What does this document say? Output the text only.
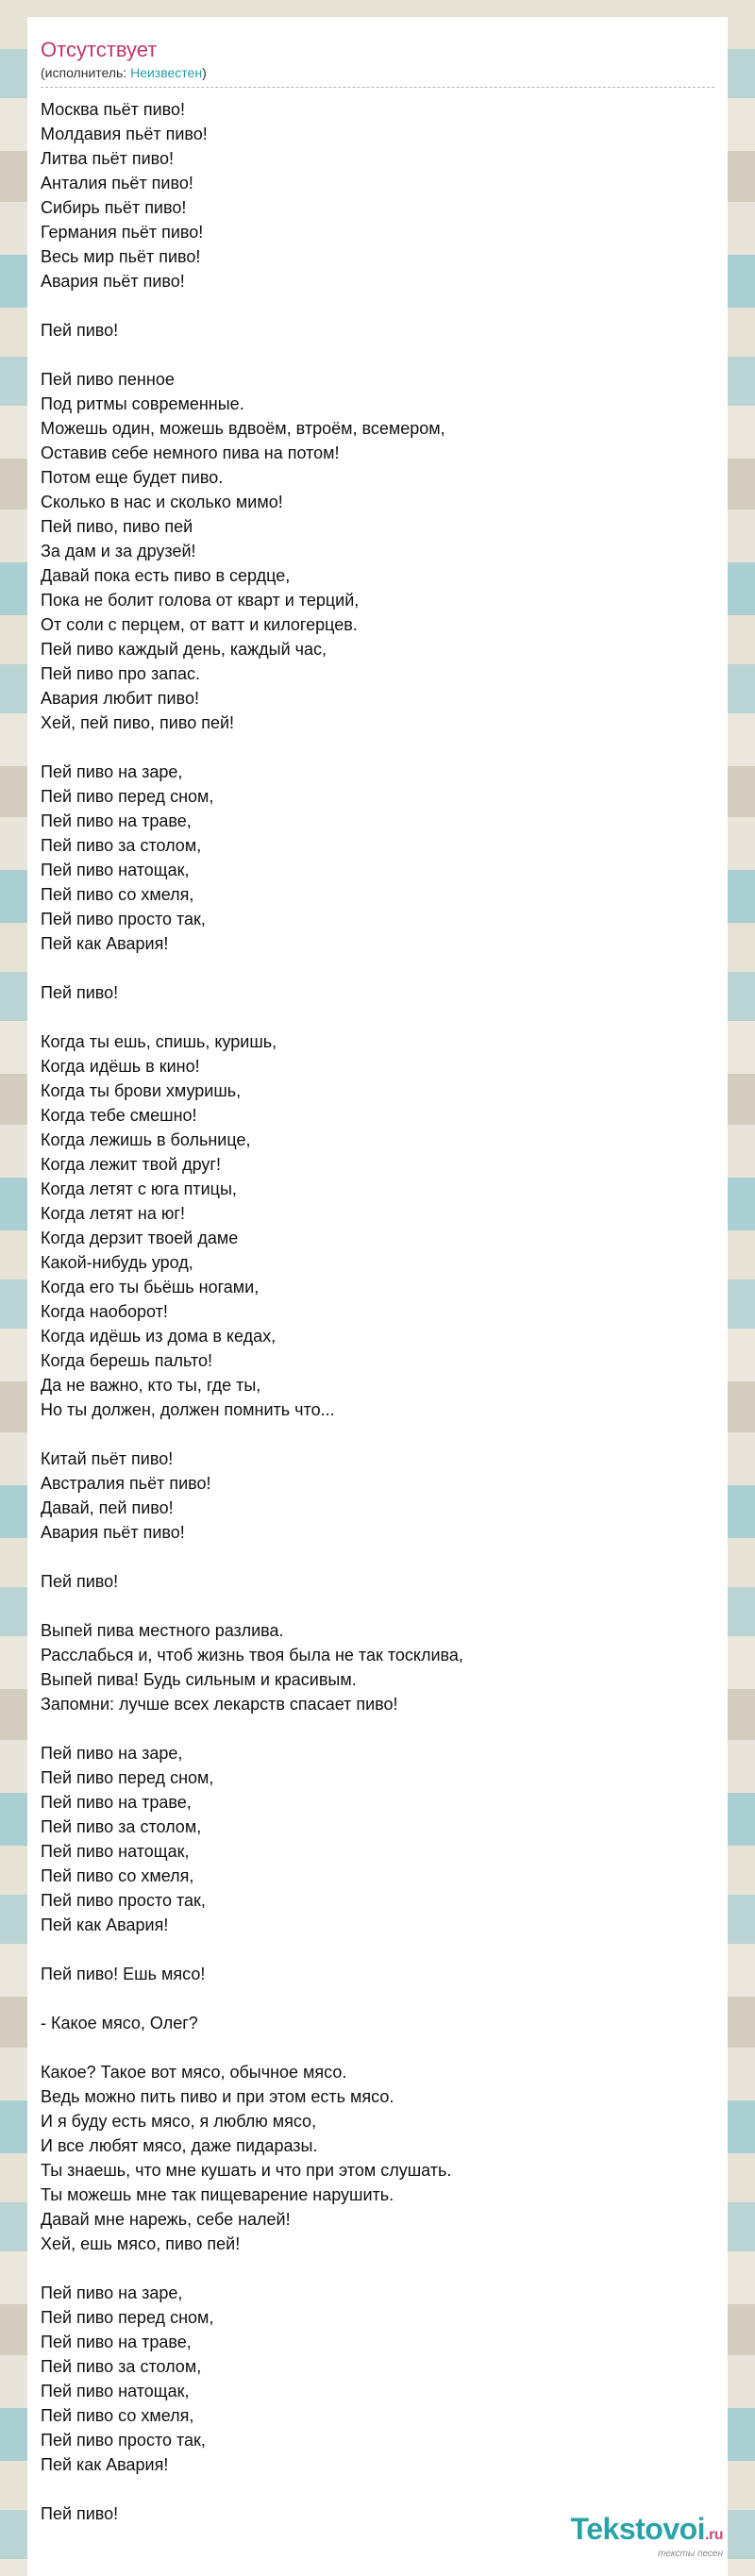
Отсутствует
(исполнитель: Неизвестен)
Москва пьёт пиво!
Молдавия пьёт пиво!
Литва пьёт пиво!
Анталия пьёт пиво!
Сибирь пьёт пиво!
Германия пьёт пиво!
Весь мир пьёт пиво!
Авария пьёт пиво!
Пей пиво!
Пей пиво пенное
Под ритмы современные.
Можешь один, можешь вдвоём, втроём, всемером,
Оставив себе немного пива на потом!
Потом еще будет пиво.
Сколько в нас и сколько мимо!
Пей пиво, пиво пей
За дам и за друзей!
Давай пока есть пиво в сердце,
Пока не болит голова от кварт и терций,
От соли с перцем, от ватт и килогерцев.
Пей пиво каждый день, каждый час,
Пей пиво про запас.
Авария любит пиво!
Хей, пей пиво, пиво пей!
Пей пиво на заре,
Пей пиво перед сном,
Пей пиво на траве,
Пей пиво за столом,
Пей пиво натощак,
Пей пиво со хмеля,
Пей пиво просто так,
Пей как Авария!
Пей пиво!
Когда ты ешь, спишь, куришь,
Когда идёшь в кино!
Когда ты брови хмуришь,
Когда тебе смешно!
Когда лежишь в больнице,
Когда лежит твой друг!
Когда летят с юга птицы,
Когда летят на юг!
Когда дерзит твоей даме
Какой-нибудь урод,
Когда его ты бьёшь ногами,
Когда наоборот!
Когда идёшь из дома в кедах,
Когда берешь пальто!
Да не важно, кто ты, где ты,
Но ты должен, должен помнить что...
Китай пьёт пиво!
Австралия пьёт пиво!
Давай, пей пиво!
Авария пьёт пиво!
Пей пиво!
Выпей пива местного разлива.
Расслабься и, чтоб жизнь твоя была не так тосклива,
Выпей пива! Будь сильным и красивым.
Запомни: лучше всех лекарств спасает пиво!
Пей пиво на заре,
Пей пиво перед сном,
Пей пиво на траве,
Пей пиво за столом,
Пей пиво натощак,
Пей пиво со хмеля,
Пей пиво просто так,
Пей как Авария!
Пей пиво! Ешь мясо!
- Какое мясо, Олег?
Какое? Такое вот мясо, обычное мясо.
Ведь можно пить пиво и при этом есть мясо.
И я буду есть мясо, я люблю мясо,
И все любят мясо, даже пидаразы.
Ты знаешь, что мне кушать и что при этом слушать.
Ты можешь мне так пищеварение нарушить.
Давай мне нарежь, себе налей!
Хей, ешь мясо, пиво пей!
Пей пиво на заре,
Пей пиво перед сном,
Пей пиво на траве,
Пей пиво за столом,
Пей пиво натощак,
Пей пиво со хмеля,
Пей пиво просто так,
Пей как Авария!
Пей пиво!	Tekstovoi.ru
тексты песен
